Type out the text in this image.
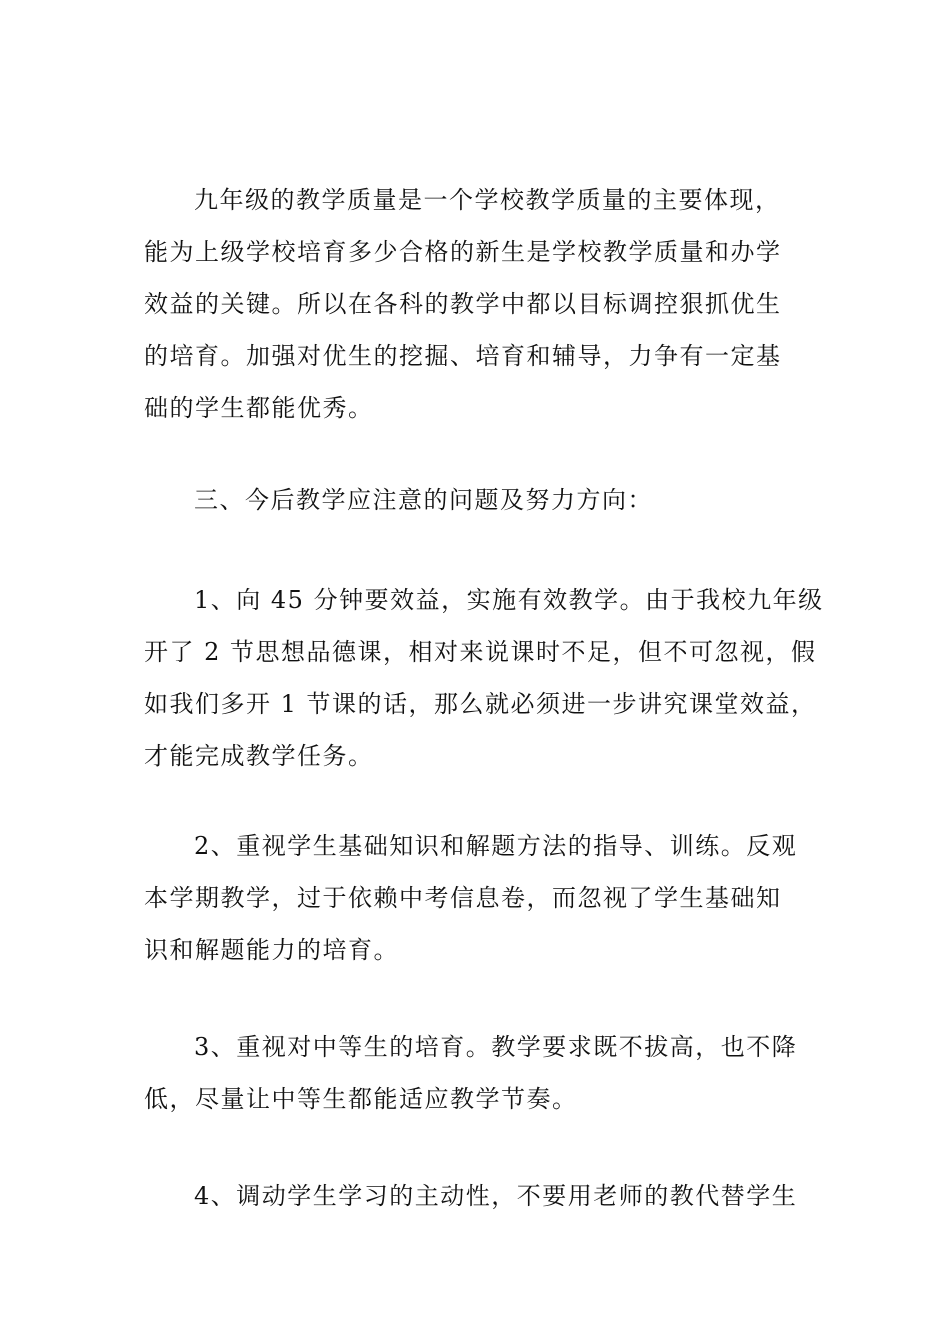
九年级的教学质量是一个学校教学质量的主要体现，
能为上级学校培育多少合格的新生是学校教学质量和办学
效益的关键。所以在各科的教学中都以目标调控狠抓优生
的培育。加强对优生的挖掘、培育和辅导，力争有一定基
础的学生都能优秀。
三、今后教学应注意的问题及努力方向：
1、向 45 分钟要效益，实施有效教学。由于我校九年级
开了 2 节思想品德课，相对来说课时不足，但不可忽视，假
如我们多开 1 节课的话，那么就必须进一步讲究课堂效益，
才能完成教学任务。
2、重视学生基础知识和解题方法的指导、训练。反观
本学期教学，过于依赖中考信息卷，而忽视了学生基础知
识和解题能力的培育。
3、重视对中等生的培育。教学要求既不拔高，也不降
低，尽量让中等生都能适应教学节奏。
4、调动学生学习的主动性，不要用老师的教代替学生
